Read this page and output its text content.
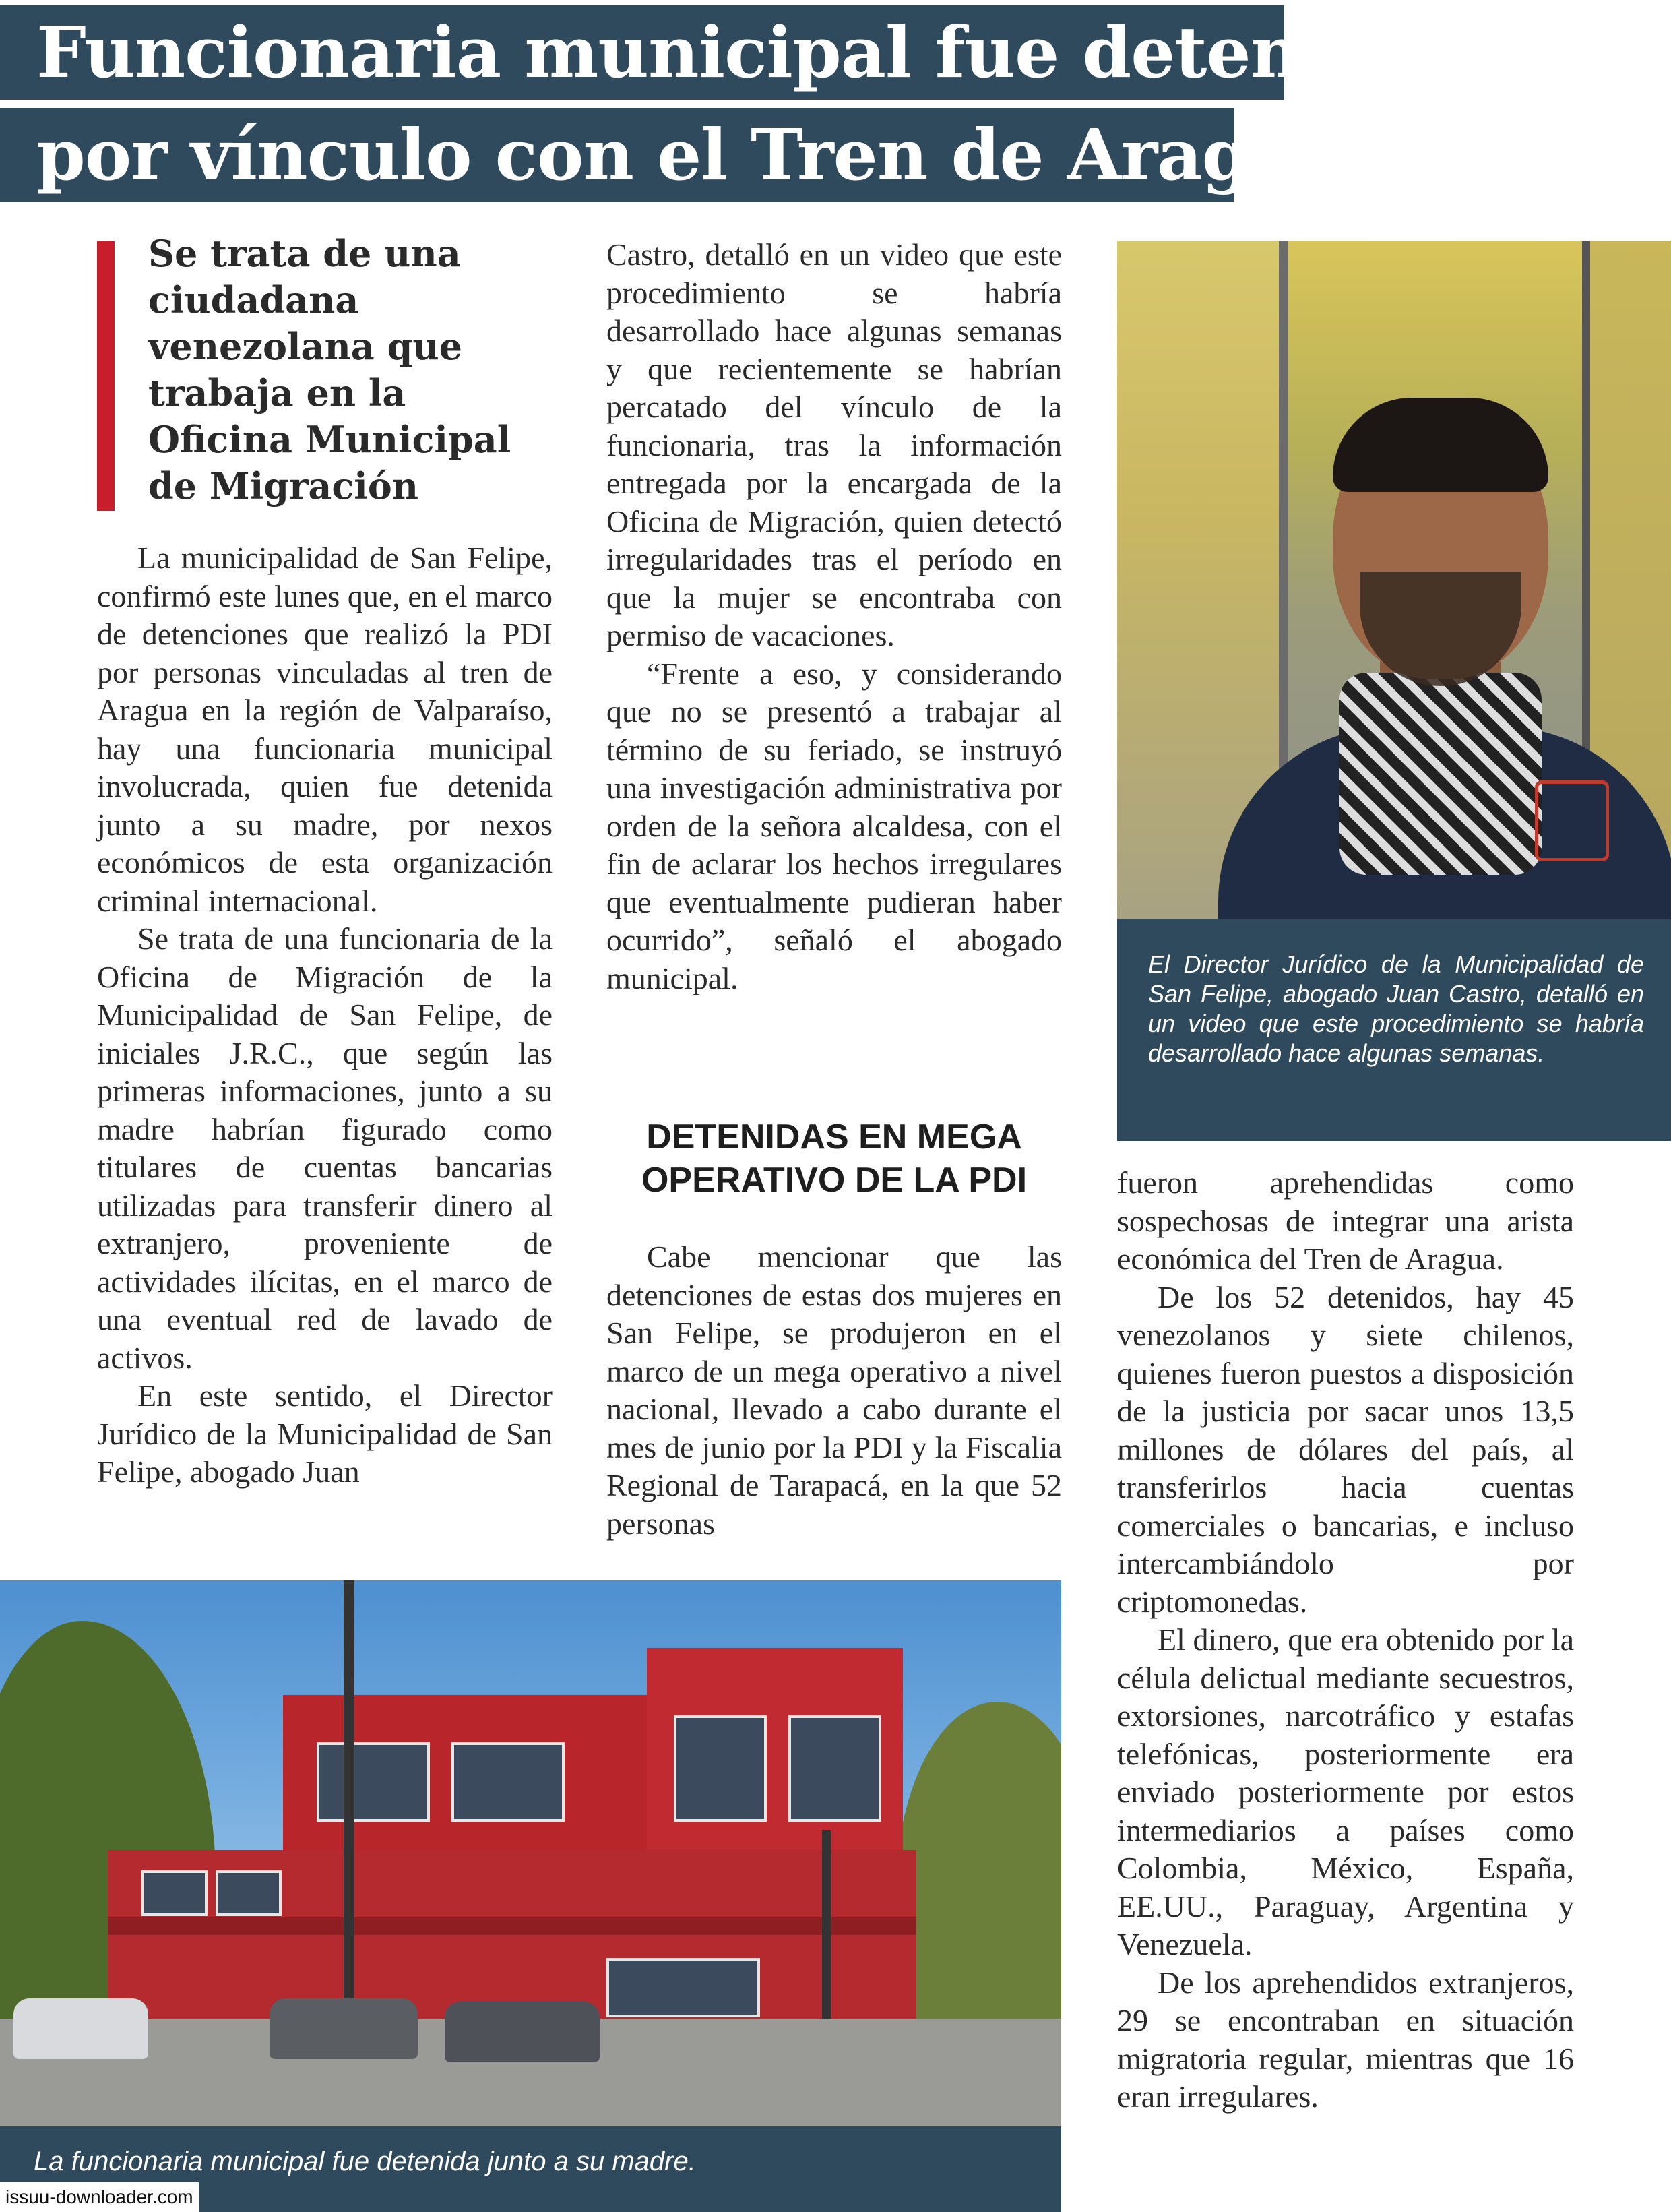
Funcionaria municipal fue detenida
por vínculo con el Tren de Aragua
Se trata de una ciudadana venezolana que trabaja en la Oficina Municipal de Migración

La municipalidad de San Felipe, confirmó este lunes que, en el marco de detenciones que realizó la PDI por personas vinculadas al tren de Aragua en la región de Valparaíso, hay una funcionaria municipal involucrada, quien fue detenida junto a su madre, por nexos económicos de esta organización criminal internacional.

Se trata de una funcionaria de la Oficina de Migración de la Municipalidad de San Felipe, de iniciales J.R.C., que según las primeras informaciones, junto a su madre habrían figurado como titulares de cuentas bancarias utilizadas para transferir dinero al extranjero, proveniente de actividades ilícitas, en el marco de una eventual red de lavado de activos.

En este sentido, el Director Jurídico de la Municipalidad de San Felipe, abogado Juan

Castro, detalló en un video que este procedimiento se habría desarrollado hace algunas semanas y que recientemente se habrían percatado del vínculo de la funcionaria, tras la información entregada por la encargada de la Oficina de Migración, quien detectó irregularidades tras el período en que la mujer se encontraba con permiso de vacaciones.

“Frente a eso, y considerando que no se presentó a trabajar al término de su feriado, se instruyó una investigación administrativa por orden de la señora alcaldesa, con el fin de aclarar los hechos irregulares que eventualmente pudieran haber ocurrido”, señaló el abogado municipal.

DETENIDAS EN MEGA OPERATIVO DE LA PDI

Cabe mencionar que las detenciones de estas dos mujeres en San Felipe, se produjeron en el marco de un mega operativo a nivel nacional, llevado a cabo durante el mes de junio por la PDI y la Fiscalia Regional de Tarapacá, en la que 52 personas

El Director Jurídico de la Municipalidad de San Felipe, abogado Juan Castro, detalló en un video que este procedimiento se habría desarrollado hace algunas semanas.

fueron aprehendidas como sospechosas de integrar una arista económica del Tren de Aragua.

De los 52 detenidos, hay 45 venezolanos y siete chilenos, quienes fueron puestos a disposición de la justicia por sacar unos 13,5 millones de dólares del país, al transferirlos hacia cuentas comerciales o bancarias, e incluso intercambiándolo por criptomonedas.

El dinero, que era obtenido por la célula delictual mediante secuestros, extorsiones, narcotráfico y estafas telefónicas, posteriormente era enviado posteriormente por estos intermediarios a países como Colombia, México, España, EE.UU., Paraguay, Argentina y Venezuela.

De los aprehendidos extranjeros, 29 se encontraban en situación migratoria regular, mientras que 16 eran irregulares.

La funcionaria municipal fue detenida junto a su madre.
issuu-downloader.com
